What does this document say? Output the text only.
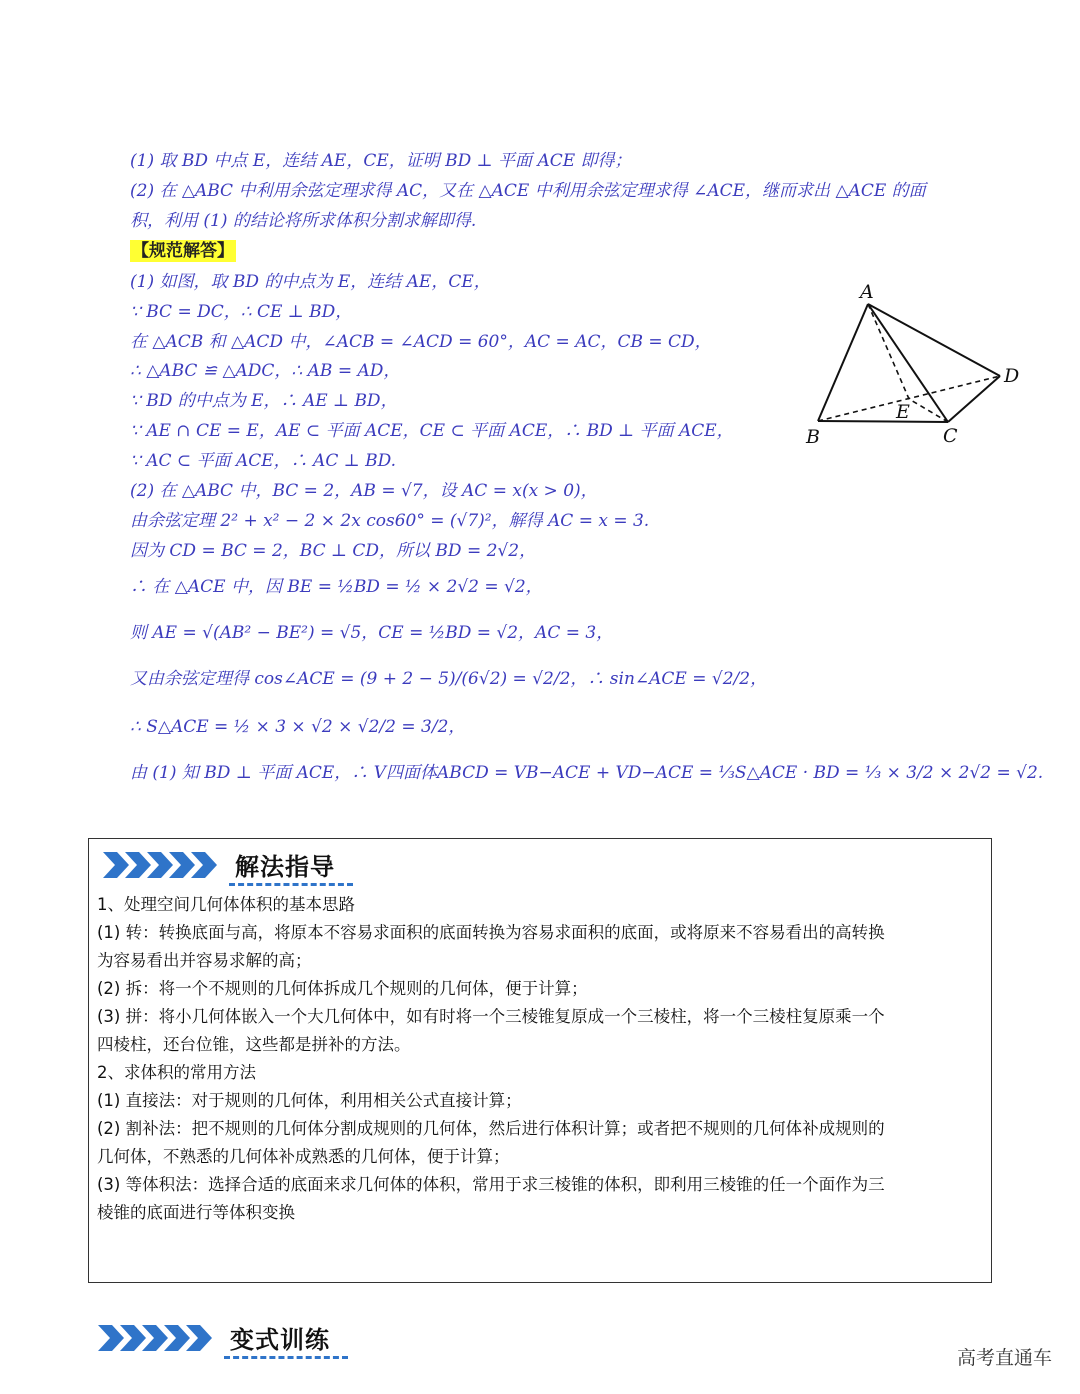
(1) 取 BD 中点 E，连结 AE，CE，证明 BD ⊥ 平面 ACE 即得；
(2) 在 △ABC 中利用余弦定理求得 AC，又在 △ACE 中利用余弦定理求得 ∠ACE，继而求出 △ACE 的面
积，利用 (1) 的结论将所求体积分割求解即得.
【规范解答】
(1) 如图，取 BD 的中点为 E，连结 AE，CE，
∵ BC = DC，∴ CE ⊥ BD，
在 △ACB 和 △ACD 中，∠ACB = ∠ACD = 60°，AC = AC，CB = CD，
∴ △ABC ≌ △ADC，∴ AB = AD，
∵ BD 的中点为 E，∴ AE ⊥ BD，
∵ AE ∩ CE = E，AE ⊂ 平面 ACE，CE ⊂ 平面 ACE，∴ BD ⊥ 平面 ACE，
∵ AC ⊂ 平面 ACE，∴ AC ⊥ BD.
(2) 在 △ABC 中，BC = 2，AB = √7，设 AC = x(x > 0)，
由余弦定理 2² + x² − 2 × 2x cos60° = (√7)²，解得 AC = x = 3.
因为 CD = BC = 2，BC ⊥ CD，所以 BD = 2√2，
∴ 在 △ACE 中，因 BE = ½BD = ½ × 2√2 = √2，
则 AE = √(AB² − BE²) = √5，CE = ½BD = √2，AC = 3，
又由余弦定理得 cos∠ACE = (9 + 2 − 5)/(6√2) = √2/2，∴ sin∠ACE = √2/2，
∴ S△ACE = ½ × 3 × √2 × √2/2 = 3/2，
由 (1) 知 BD ⊥ 平面 ACE，∴ V四面体ABCD = VB−ACE + VD−ACE = ⅓S△ACE · BD = ⅓ × 3/2 × 2√2 = √2.
A
B	C
D
E
解法指导

1、处理空间几何体体积的基本思路

(1) 转：转换底面与高，将原本不容易求面积的底面转换为容易求面积的底面，或将原来不容易看出的高转换

为容易看出并容易求解的高；

(2) 拆：将一个不规则的几何体拆成几个规则的几何体，便于计算；

(3) 拼：将小几何体嵌入一个大几何体中，如有时将一个三棱锥复原成一个三棱柱，将一个三棱柱复原乘一个

四棱柱，还台位锥，这些都是拼补的方法。

2、求体积的常用方法

(1) 直接法：对于规则的几何体，利用相关公式直接计算；

(2) 割补法：把不规则的几何体分割成规则的几何体，然后进行体积计算；或者把不规则的几何体补成规则的

几何体，不熟悉的几何体补成熟悉的几何体，便于计算；

(3) 等体积法：选择合适的底面来求几何体的体积，常用于求三棱锥的体积，即利用三棱锥的任一个面作为三

棱锥的底面进行等体积变换

变式训练
高考直通车
